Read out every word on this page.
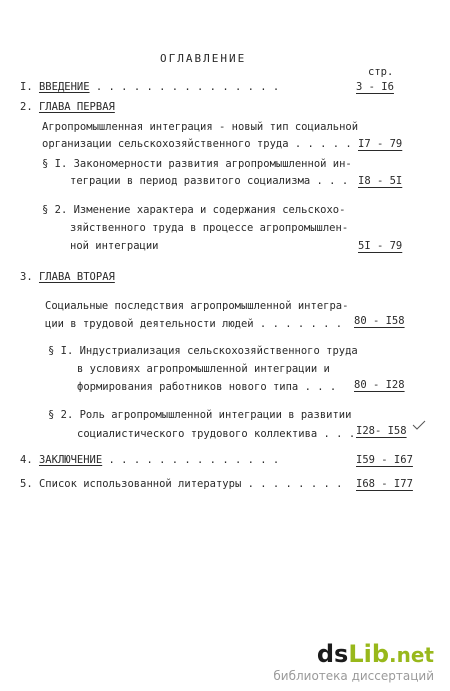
ОГЛАВЛЕНИЕ
стр.
I. ВВЕДЕНИЕ . . . . . . . . . . . . . . .	3 - I6
2. ГЛАВА ПЕРВАЯ
Агропромышленная интеграция - новый тип социальной
организации сельскохозяйственного труда . . . . . .
I7 - 79
§ I. Закономерности развития агропромышленной ин-
теграции в период развитого социализма . . . I8 - 5I
§ 2. Изменение характера и содержания сельскохо-
зяйственного труда в процессе агропромышлен-
ной интеграции	5I - 79
3. ГЛАВА ВТОРАЯ
Социальные последствия агропромышленной интегра-
ции в трудовой деятельности людей . . . . . . . 80 - I58
§ I. Индустриализация сельскохозяйственного труда
в условиях агропромышленной интеграции и
формирования работников нового типа . . . 80 - I28
§ 2. Роль агропромышленной интеграции в развитии
социалистического трудового коллектива . . . I28- I58
4. ЗАКЛЮЧЕНИЕ . . . . . . . . . . . . . .	I59 - I67
5. Список использованной литературы . . . . . . . . I68 - I77
dsLib.net
библиотека диссертаций
